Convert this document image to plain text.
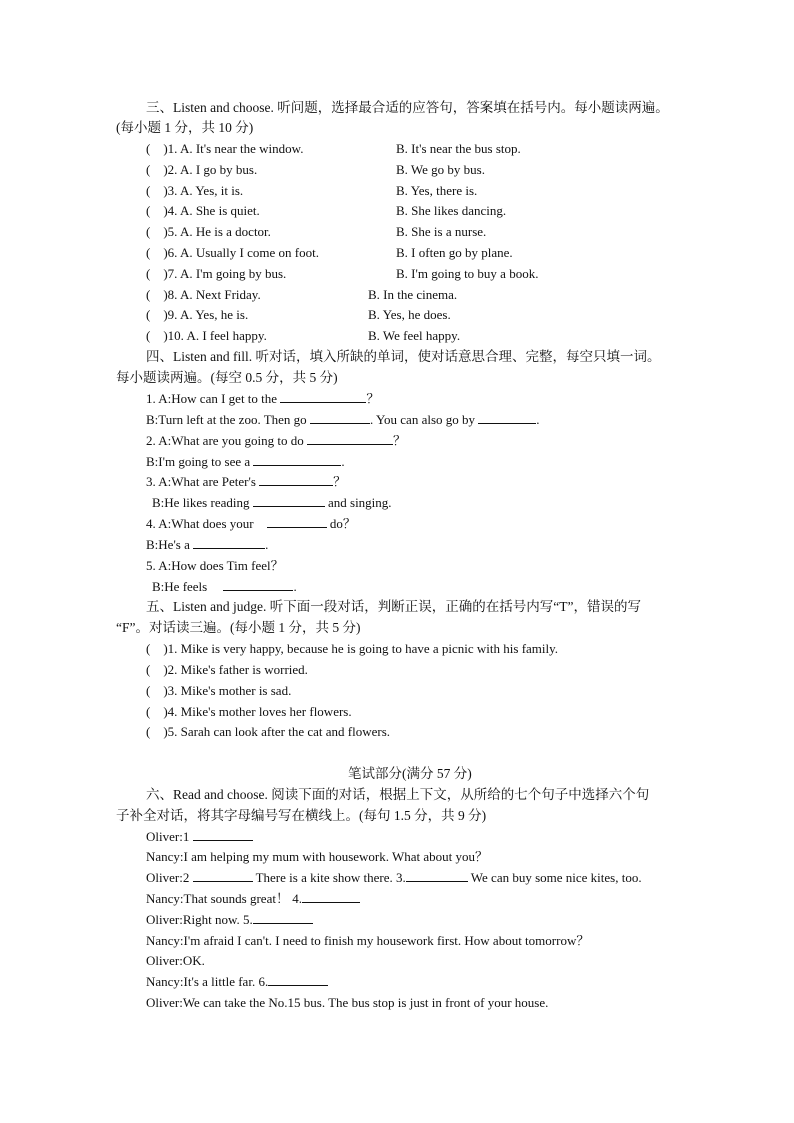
三、Listen and choose. 听问题，选择最合适的应答句，答案填在括号内。每小题读两遍。
(每小题 1 分，共 10 分)
(    )1. A. It's near the window.	B. It's near the bus stop.
(    )2. A. I go by bus.	B. We go by bus.
(    )3. A. Yes, it is.	B. Yes, there is.
(    )4. A. She is quiet.	B. She likes dancing.
(    )5. A. He is a doctor.	B. She is a nurse.
(    )6. A. Usually I come on foot.	B. I often go by plane.
(    )7. A. I'm going by bus.	B. I'm going to buy a book.
(    )8. A. Next Friday.	B. In the cinema.
(    )9. A. Yes, he is.	B. Yes, he does.
(    )10. A. I feel happy.	B. We feel happy.
四、Listen and fill. 听对话，填入所缺的单词，使对话意思合理、完整，每空只填一词。
每小题读两遍。(每空 0.5 分，共 5 分)
1. A:How can I get to the	？
B:Turn left at the zoo. Then go	. You can also go by	.
2. A:What are you going to do	？
B:I'm going to see a	.
3. A:What are Peter's	？
B:He likes reading	and singing.
4. A:What does your	do？
B:He's a	.
5. A:How does Tim feel？
B:He feels	.
五、Listen and judge. 听下面一段对话，判断正误，正确的在括号内写“T”，错误的写
“F”。对话读三遍。(每小题 1 分，共 5 分)
(    )1. Mike is very happy, because he is going to have a picnic with his family.
(    )2. Mike's father is worried.
(    )3. Mike's mother is sad.
(    )4. Mike's mother loves her flowers.
(    )5. Sarah can look after the cat and flowers.
笔试部分(满分 57 分)
六、Read and choose. 阅读下面的对话，根据上下文，从所给的七个句子中选择六个句
子补全对话，将其字母编号写在横线上。(每句 1.5 分，共 9 分)
Oliver:1
Nancy:I am helping my mum with housework. What about you？
Oliver:2	There is a kite show there. 3.	We can buy some nice kites, too.
Nancy:That sounds great！ 4.
Oliver:Right now. 5.
Nancy:I'm afraid I can't. I need to finish my housework first. How about tomorrow？
Oliver:OK.
Nancy:It's a little far. 6.
Oliver:We can take the No.15 bus. The bus stop is just in front of your house.
